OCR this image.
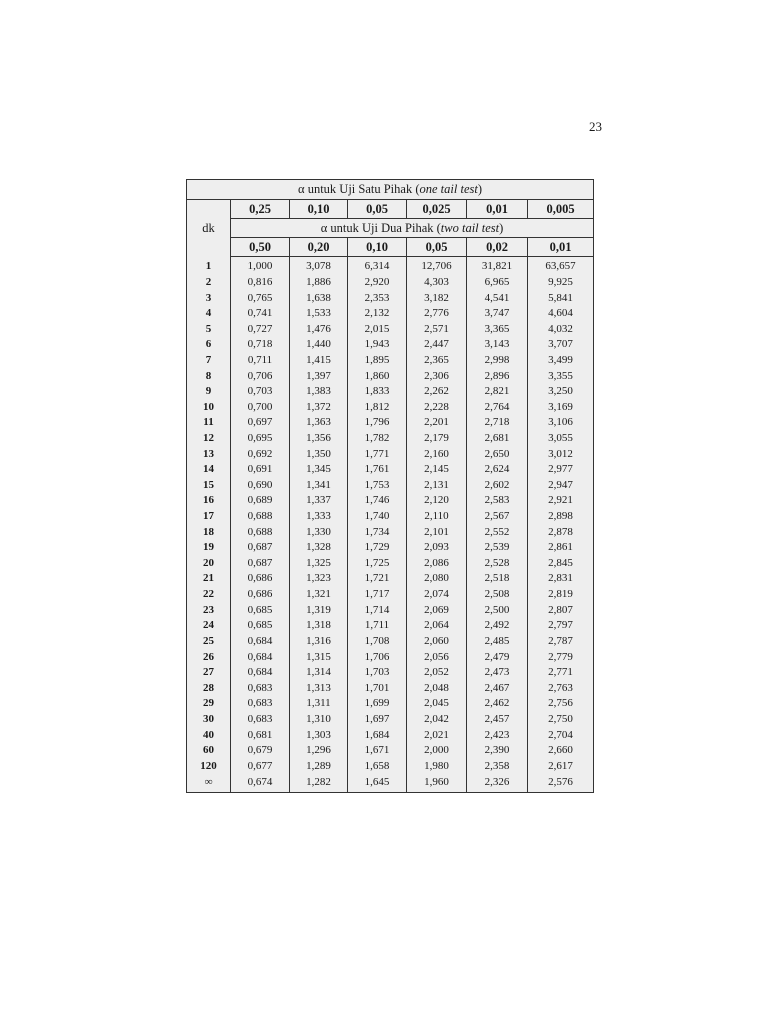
23
α untuk Uji Satu Pihak (one tail test)						
dk	0,25	0,10	0,05	0,025	0,01	0,005
	α untuk Uji Dua Pihak (two tail test)					
	0,50	0,20	0,10	0,05	0,02	0,01
1	1,000	3,078	6,314	12,706	31,821	63,657
2	0,816	1,886	2,920	4,303	6,965	9,925
3	0,765	1,638	2,353	3,182	4,541	5,841
4	0,741	1,533	2,132	2,776	3,747	4,604
5	0,727	1,476	2,015	2,571	3,365	4,032
6	0,718	1,440	1,943	2,447	3,143	3,707
7	0,711	1,415	1,895	2,365	2,998	3,499
8	0,706	1,397	1,860	2,306	2,896	3,355
9	0,703	1,383	1,833	2,262	2,821	3,250
10	0,700	1,372	1,812	2,228	2,764	3,169
11	0,697	1,363	1,796	2,201	2,718	3,106
12	0,695	1,356	1,782	2,179	2,681	3,055
13	0,692	1,350	1,771	2,160	2,650	3,012
14	0,691	1,345	1,761	2,145	2,624	2,977
15	0,690	1,341	1,753	2,131	2,602	2,947
16	0,689	1,337	1,746	2,120	2,583	2,921
17	0,688	1,333	1,740	2,110	2,567	2,898
18	0,688	1,330	1,734	2,101	2,552	2,878
19	0,687	1,328	1,729	2,093	2,539	2,861
20	0,687	1,325	1,725	2,086	2,528	2,845
21	0,686	1,323	1,721	2,080	2,518	2,831
22	0,686	1,321	1,717	2,074	2,508	2,819
23	0,685	1,319	1,714	2,069	2,500	2,807
24	0,685	1,318	1,711	2,064	2,492	2,797
25	0,684	1,316	1,708	2,060	2,485	2,787
26	0,684	1,315	1,706	2,056	2,479	2,779
27	0,684	1,314	1,703	2,052	2,473	2,771
28	0,683	1,313	1,701	2,048	2,467	2,763
29	0,683	1,311	1,699	2,045	2,462	2,756
30	0,683	1,310	1,697	2,042	2,457	2,750
40	0,681	1,303	1,684	2,021	2,423	2,704
60	0,679	1,296	1,671	2,000	2,390	2,660
120	0,677	1,289	1,658	1,980	2,358	2,617
∞	0,674	1,282	1,645	1,960	2,326	2,576
